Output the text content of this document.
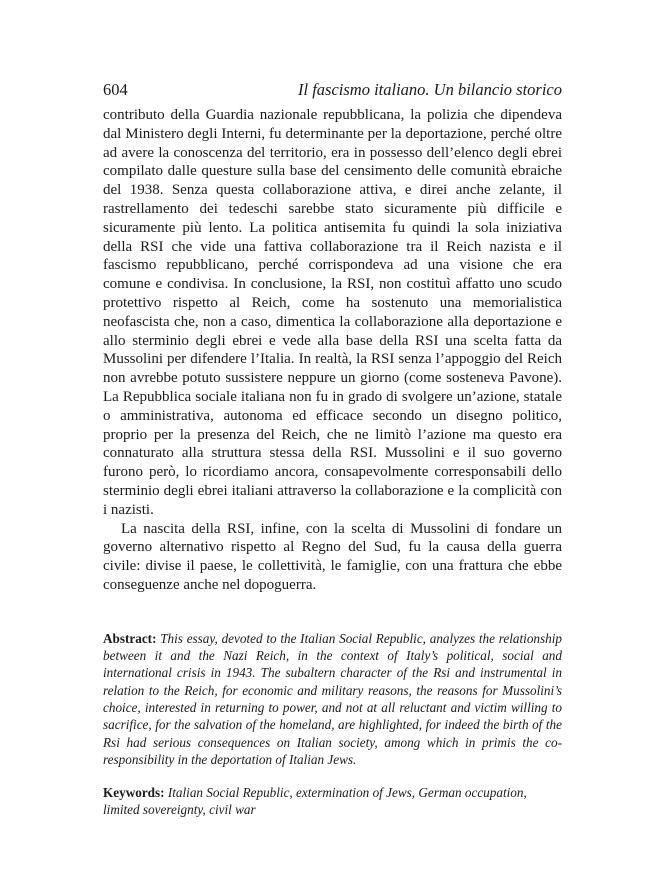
604	Il fascismo italiano. Un bilancio storico

contributo della Guardia nazionale repubblicana, la polizia che dipendeva dal Ministero degli Interni, fu determinante per la deportazione, perché oltre ad avere la conoscenza del territorio, era in possesso dell’elenco degli ebrei compilato dalle questure sulla base del censimento delle comunità ebraiche del 1938. Senza questa collaborazione attiva, e direi anche zelante, il rastrellamento dei tedeschi sarebbe stato sicuramente più difficile e sicuramente più lento. La politica antisemita fu quindi la sola iniziativa della RSI che vide una fattiva collaborazione tra il Reich nazista e il fascismo repubblicano, perché corrispondeva ad una visione che era comune e condivisa. In conclusione, la RSI, non costituì affatto uno scudo protettivo rispetto al Reich, come ha sostenuto una memorialistica neofascista che, non a caso, dimentica la collaborazione alla deportazione e allo sterminio degli ebrei e vede alla base della RSI una scelta fatta da Mussolini per difendere l’Italia. In realtà, la RSI senza l’appoggio del Reich non avrebbe potuto sussistere neppure un giorno (come sosteneva Pavone). La Repubblica sociale italiana non fu in grado di svolgere un’azione, statale o amministrativa, autonoma ed efficace secondo un disegno politico, proprio per la presenza del Reich, che ne limitò l’azione ma questo era connaturato alla struttura stessa della RSI. Mussolini e il suo governo furono però, lo ricordiamo ancora, consapevolmente corresponsabili dello sterminio degli ebrei italiani attraverso la collaborazione e la complicità con i nazisti.

La nascita della RSI, infine, con la scelta di Mussolini di fondare un governo alternativo rispetto al Regno del Sud, fu la causa della guerra civile: divise il paese, le collettività, le famiglie, con una frattura che ebbe conseguenze anche nel dopoguerra.

Abstract: This essay, devoted to the Italian Social Republic, analyzes the relationship between it and the Nazi Reich, in the context of Italy’s political, social and international crisis in 1943. The subaltern character of the Rsi and instrumental in relation to the Reich, for economic and military reasons, the reasons for Mussolini’s choice, interested in returning to power, and not at all reluctant and victim willing to sacrifice, for the salvation of the homeland, are highlighted, for indeed the birth of the Rsi had serious consequences on Italian society, among which in primis the co-responsibility in the deportation of Italian Jews.

Keywords: Italian Social Republic, extermination of Jews, German occupation, limited sovereignty, civil war
